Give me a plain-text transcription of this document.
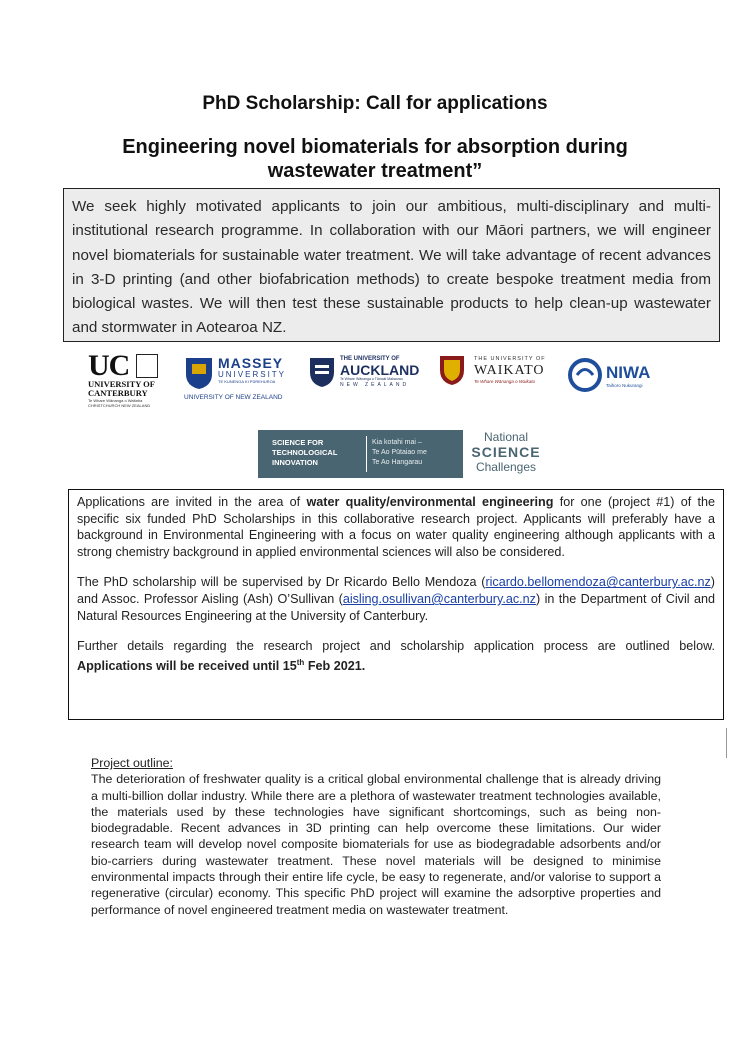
PhD Scholarship: Call for applications
Engineering novel biomaterials for absorption during
wastewater treatment”
We seek highly motivated applicants to join our ambitious, multi-disciplinary and multi-institutional research programme. In collaboration with our Māori partners, we will engineer novel biomaterials for sustainable water treatment. We will take advantage of recent advances in 3-D printing (and other biofabrication methods) to create bespoke treatment media from biological wastes. We will then test these sustainable products to help clean-up wastewater and stormwater in Aotearoa NZ.
UC
UNIVERSITY OF
CANTERBURY
Te Whare Wānanga o Waitaha
CHRISTCHURCH NEW ZEALAND
MASSEY
UNIVERSITY
TE KUNENGA KI PŪREHUROA
UNIVERSITY OF NEW ZEALAND
THE UNIVERSITY OF
AUCKLAND
Te Whare Wānanga o Tāmaki Makaurau
NEW ZEALAND
THE UNIVERSITY OF
WAIKATO
Te Whare Wānanga o Waikato	NIWA
Taihoro Nukurangi
SCIENCE FOR
TECHNOLOGICAL
INNOVATION
Kia kotahi mai –
Te Ao Pūtaiao me
Te Ao Hangarau
National
SCIENCE
Challenges

Applications are invited in the area of water quality/environmental engineering for one (project #1) of the specific six funded PhD Scholarships in this collaborative research project. Applicants will preferably have a background in Environmental Engineering with a focus on water quality engineering although applicants with a strong chemistry background in applied environmental sciences will also be considered.

The PhD scholarship will be supervised by Dr Ricardo Bello Mendoza (ricardo.bellomendoza@canterbury.ac.nz) and Assoc. Professor Aisling (Ash) O’Sullivan (aisling.osullivan@canterbury.ac.nz) in the Department of Civil and Natural Resources Engineering at the University of Canterbury.

Further details regarding the research project and scholarship application process are outlined below. Applications will be received until 15th Feb 2021.

Project outline:
The deterioration of freshwater quality is a critical global environmental challenge that is already driving a multi-billion dollar industry. While there are a plethora of wastewater treatment technologies available, the materials used by these technologies have significant shortcomings, such as being non-biodegradable. Recent advances in 3D printing can help overcome these limitations. Our wider research team will develop novel composite biomaterials for use as biodegradable adsorbents and/or bio-carriers during wastewater treatment. These novel materials will be designed to minimise environmental impacts through their entire life cycle, be easy to regenerate, and/or valorise to support a regenerative (circular) economy. This specific PhD project will examine the adsorptive properties and performance of novel engineered treatment media on wastewater treatment.
